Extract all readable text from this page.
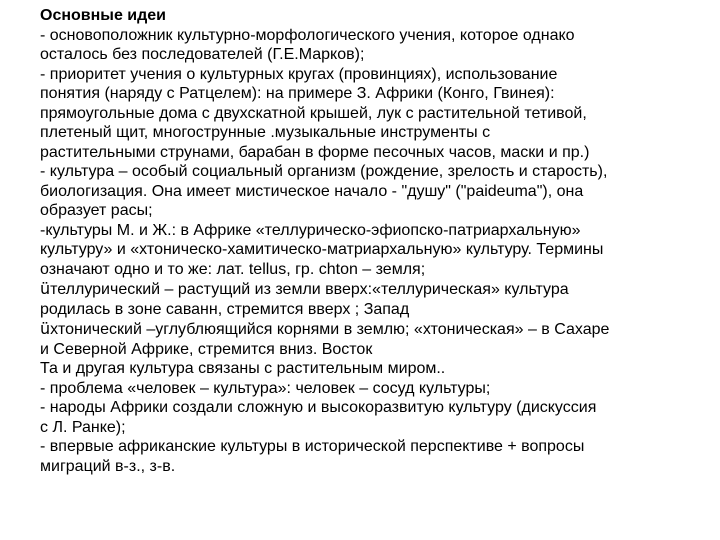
Основные идеи
- основоположник культурно-морфологического учения, которое однако
осталось без последователей (Г.Е.Марков);
- приоритет учения о культурных кругах (провинциях), использование
понятия (наряду с Ратцелем): на примере З. Африки (Конго, Гвинея):
прямоугольные дома с двухскатной крышей, лук с растительной тетивой,
плетеный щит, многострунные .музыкальные инструменты с
растительными струнами, барабан в форме песочных часов, маски и пр.)
- культура – особый социальный организм (рождение, зрелость и старость),
биологизация. Она имеет мистическое начало - "душу" ("paideuma"), она
образует расы;
-культуры М. и Ж.: в Африке «теллурическо-эфиопско-патриархальную»
культуру» и «хтоническо-хамитическо-матриархальную» культуру. Термины
означают одно и то же: лат. tellus, гр. chton – земля;
üтеллурический – растущий из земли вверх:«теллурическая» культура
родилась в зоне саванн, стремится вверх ; Запад
üхтонический –углублюящийся корнями в землю; «хтоническая» – в Сахаре
и Северной Африке, стремится вниз. Восток
Та и другая культура связаны с растительным миром..
- проблема «человек – культура»: человек – сосуд культуры;
- народы Африки создали сложную и высокоразвитую культуру (дискуссия
с Л. Ранке);
- впервые африканские культуры в исторической перспективе + вопросы
миграций в-з., з-в.
